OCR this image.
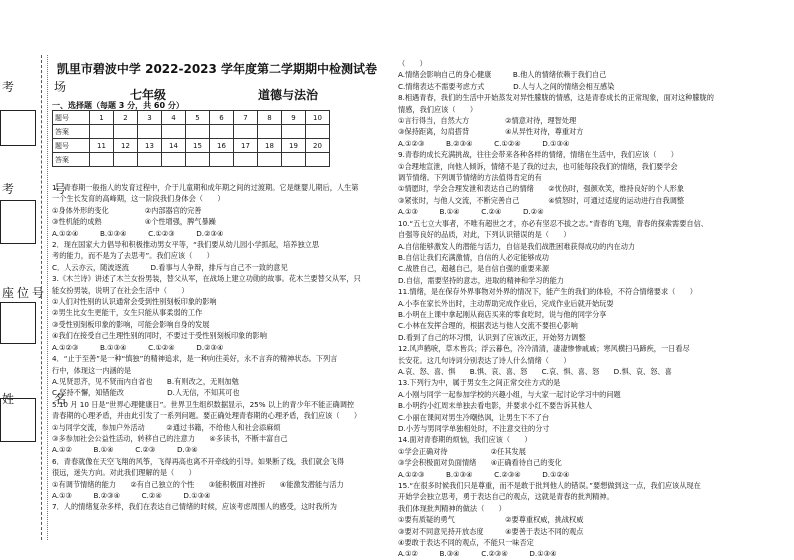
考　场
考　号
座位号
姓　名
凯里市碧波中学 2022-2023 学年度第二学期期中检测试卷
七年级	道德与法治
一、选择题（每题 3 分，共 60 分）
题号	1	2	3	4	5	6	7	8	9	10
答案										
题号	11	12	13	14	15	16	17	18	19	20
答案										

1．青春期一般指人的发育过程中，介于儿童期和成年期之间的过渡期。它是继婴儿期后，人生第

一个生长发育的高峰期，这一阶段我们身体会（　　）

①身体外形的变化　　　　　②内部器官的完善

③性机能的成熟　　　　　　④个性增强，脾气暴躁

A.①②④　　　B.①③④　　　C.①②③　　　D.②③④

2．现在国家大力倡导和积极推动男女平等，“我们要从幼儿园小学抓起，培养独立思

考的能力，而不是为了去思考”。我们应该（　　）

C．人云亦云，随波逐流　　　D.看事与人争辩，排斥与自己不一致的意见

3.《木兰诗》讲述了木兰女扮男装，替父从军，在战场上建立功勋的故事。花木兰要替父从军，只

能女扮男装，说明了在社会生活中（　　）

①人们对性别的认识通常会受到性别刻板印象的影响

②男生比女生更能干，女生只能从事柔弱的工作

③受性别刻板印象的影响，可能会影响自身的发展

④我们在接受自己生理性别的同时，不要过于受性别刻板印象的影响

A.①②③　　　B.①③④　　　C.①②④　　　D.②③④

4．“止于至善”是一种“慎独”的精神追求，是一种向往美好，永不言弃的精神状态。下列言

行中，体现这一内涵的是

A.见贤思齐，见不贤而内自省也　　B.有则改之，无则加勉

C.坚持不懈，知错能改　　　　　　D.人无信，不知其可也

5.10 月 10 日是“世界心理健康日”。世界卫生组织数据显示，25% 以上的青少年不能正确调控

青春期的心理矛盾，并由此引发了一系列问题。要正确处理青春期的心理矛盾，我们应该（　　）

①与同学交流，参加户外活动　　　②通过书籍，不给他人和社会添麻烦

③多参加社会公益性活动，转移自己的注意力　　④多读书，不断丰富自己

A.①②　　　B.①④　　　C.②③　　　D.③④

6．青春就像在天空飞翔的风筝，飞得再高也离不开牵线的引导。如果断了线，我们就会飞得

很远，迷失方向。对此我们理解的是（　　）

①有调节情绪的能力　　②有自己独立的个性　　③能积极面对挫折　　④能激发潜能与活力

A.①③　　　B.②③④　　　C.②④　　　D.①③④

7．人的情绪复杂多样，我们在表达自己情绪的时候，应该考虑周围人的感受，这时我所为

（　　）

A.情绪会影响自己的身心健康　　　B.他人的情绪依赖于我们自己

C.情绪表达不需要考虑方式　　　　D.人与人之间的情绪会相互感染

8.相遇青春，我们的生活中开始蒸发对异性朦胧的情感，这是青春成长的正常现象，面对这种朦胧的

情感，我们应该（　　）

①言行得当，自然大方　　　　　②情意对待，理智处理

③保持距离，勾肩搭背　　　　　④从异性对待，尊重对方

A.①②③　　　B.②③④　　　C.①②④　　　D.①③④

9.青春的成长充满挑战，往往会带来各种各样的情绪，情绪在生活中，我们应该（　　）

①合理地宣泄，向他人倾诉，情绪不是了我的过去，也可能每段我们的情绪，我们要学会

调节情绪。下列调节情绪的方法值得肯定的有

①情愿时，学会合理发泄和表达自己的情绪　　②忧伤时，强颜欢笑，维持良好的个人形象

③紧张时，与他人交流，不断完善自己　　　　④愤怒时，可通过适度的运动进行自我调整

A.①③　　　B.①④　　　C.②④　　　D.②④

10.“五七立大事者，不唯有超世之才，亦必有坚忍不拔之志。”青春的飞翔，青春的探索需要自信、

自强等良好的品质，对此，下列认识错误的是（　　）

A.自信能够激发人的潜能与活力，自信是我们战胜困难获得成功的内在动力

B.自信让我们充满激情，自信的人必定能够成功

C.战胜自己，超越自己，是自信自强的重要来源

D.自信，需要坚持的意志，进取的精神和学习的能力

11.情绪，是在保存外界事物对外界的情况下，能产生的我们的体验，不符合情绪要求（　　）

A.小李在家长外出时，主动帮助完成作业后，完成作业后就开始玩耍

B.小明在上课中拿起刚从商店买来的零食吃时，说与他的同学分享

C.小林在发挥合理的，根据表达与他人交流不要担心影响

D.看到了自己的坏习惯，认识到了应该改正，开始努力调整

12.风声鹤唳，草木皆兵；浮云暮色，冷冷清清，凄凄惨惨戚戚；寒风横扫马蹄疾，一日看尽

长安花。这几句诗词分别表达了诗人什么情绪（　　）

A.哀、怒、喜、惧　　B.惧、哀、喜、怒　　C.哀、惧、喜、怒　　D.惧、哀、怒、喜

13.下列行为中，属于男女生之间正常交往方式的是

A.小刚与同学一起参加学校的兴趣小组，与大家一起讨论学习中的问题

B.小明约小红周末单独去看电影，并要求小红不要告诉其他人

C.小丽在课间对男生冷嘲热讽，让男生下不了台

D.小芳与男同学单独相处时，不注意交往的分寸

14.面对青春期的烦恼，我们应该（　　）

①学会正确对待　　　　　　②任其发展

③学会积极面对负面情绪　　④正确看待自己的变化

A.①②③　　　B.①③④　　　C.②③④　　　D.①②④

15.“在很多时候我们只是尊重，而不是敢于批判他人的错误。”要想做到这一点，我们应该从现在

开始学会独立思考，勇于表达自己的观点，这就是青春的批判精神。

我们体现批判精神的做法（　　）

①要有质疑的勇气　　　　　　　②要尊重权威，挑战权威

③要对不同意见持开放态度　　　④要善于表达不同的观点

④要敢于表达不同的观点，不能只一味否定

A.①②　　　B.③④　　　C.②③④　　　D.①③④
